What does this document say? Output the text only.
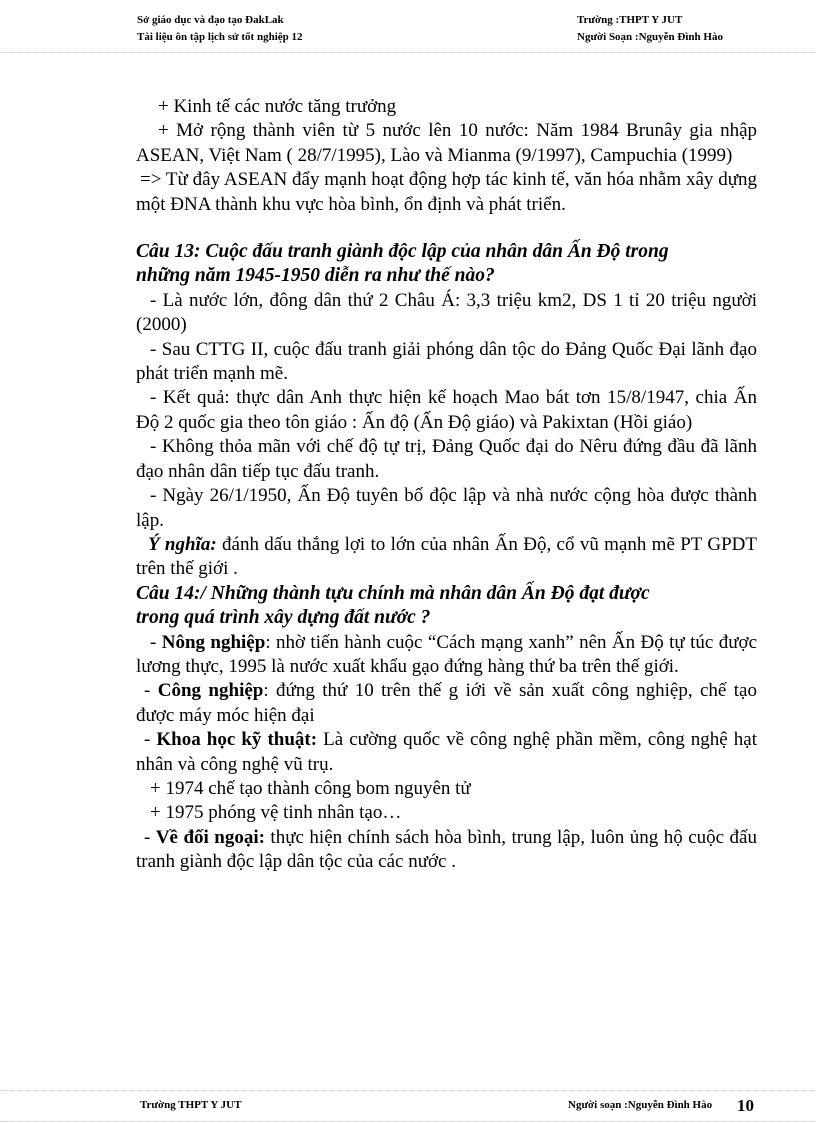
Sở giáo dục và đạo tạo ĐakLak
Tài liệu ôn tập lịch sử tốt nghiệp 12
Trường :THPT Y JUT
Người Soạn :Nguyễn Đình Hào

+ Kinh tế các nước tăng trưởng

+ Mở rộng thành viên từ 5 nước lên 10 nước: Năm 1984 Brunây gia nhập ASEAN, Việt Nam ( 28/7/1995), Lào và Mianma (9/1997), Campuchia (1999)

=> Từ đây ASEAN đẩy mạnh hoạt động hợp tác kinh tế, văn hóa nhằm xây dựng một ĐNA thành khu vực hòa bình, ổn định và phát triển.

Câu 13: Cuộc đấu tranh giành độc lập của nhân dân Ấn Độ trong
những năm 1945-1950 diễn ra như thế nào?

- Là nước lớn, đông dân thứ 2 Châu Á: 3,3 triệu km2, DS 1 tỉ 20 triệu người (2000)

- Sau CTTG II, cuộc đấu tranh giải phóng dân tộc do Đảng Quốc Đại lãnh đạo phát triển mạnh mẽ.

- Kết quả: thực dân Anh thực hiện kế hoạch Mao bát tơn 15/8/1947, chia Ấn Độ 2 quốc gia theo tôn giáo : Ấn độ (Ấn Độ giáo) và Pakixtan (Hồi giáo)

- Không thỏa mãn với chế độ tự trị, Đảng Quốc đại do Nêru đứng đầu đã lãnh đạo nhân dân tiếp tục đấu tranh.

- Ngày 26/1/1950, Ấn Độ tuyên bố độc lập và nhà nước cộng hòa được thành lập.

Ý nghĩa: đánh dấu thắng lợi to lớn của nhân Ấn Độ, cổ vũ mạnh mẽ PT GPDT trên thế giới .

Câu 14:/ Những thành tựu chính mà nhân dân Ấn Độ đạt được
trong quá trình xây dựng đất nước ?

- Nông nghiệp: nhờ tiến hành cuộc “Cách mạng xanh” nên Ấn Độ tự túc được lương thực, 1995 là nước xuất khẩu gạo đứng hàng thứ ba trên thế giới.

- Công nghiệp: đứng thứ 10 trên thế g iới về sản xuất công nghiệp, chế tạo được máy móc hiện đại

- Khoa học kỹ thuật: Là cường quốc về công nghệ phần mềm, công nghệ hạt nhân và công nghệ vũ trụ.

+ 1974 chế tạo thành công bom nguyên tử

+ 1975 phóng vệ tinh nhân tạo…

- Về đối ngoại: thực hiện chính sách hòa bình, trung lập, luôn ủng hộ cuộc đấu tranh giành độc lập dân tộc của các nước .

Trường THPT Y JUT	Người soạn :Nguyễn Đình Hào 10
